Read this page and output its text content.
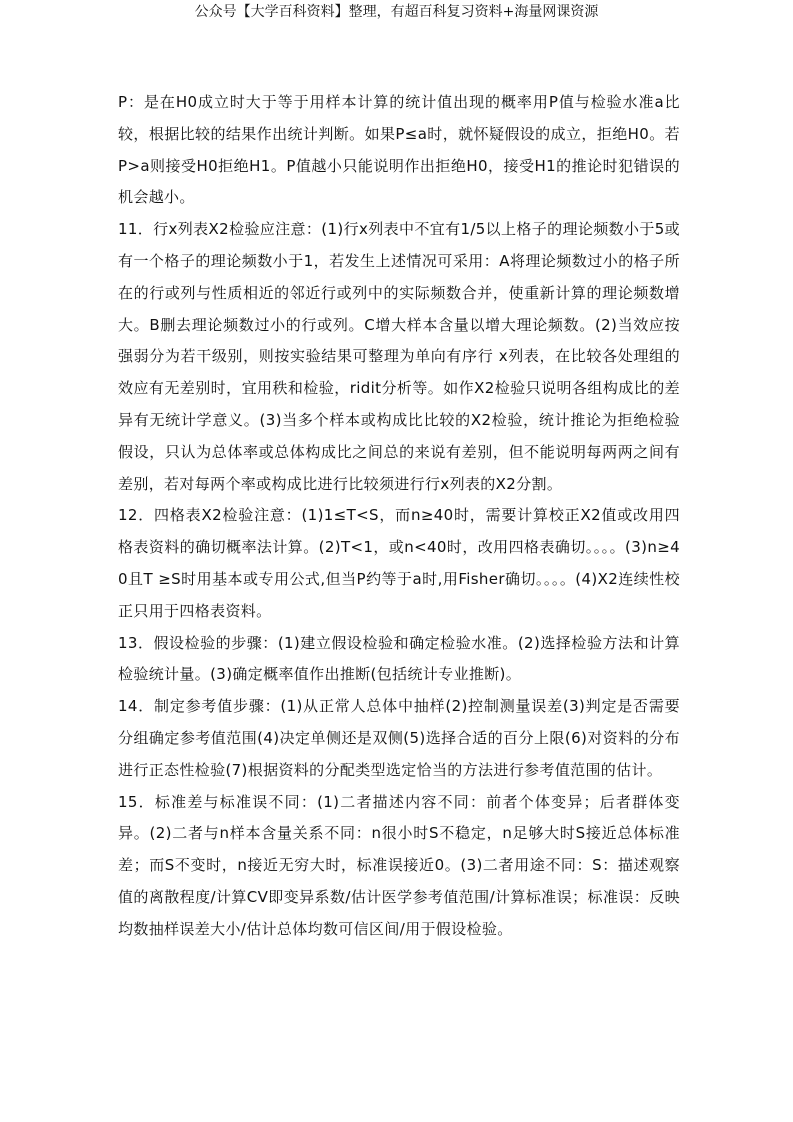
公众号【大学百科资料】整理，有超百科复习资料+海量网课资源

P：是在H0成立时大于等于用样本计算的统计值出现的概率用P值与检验水准a比较，根据比较的结果作出统计判断。如果P≤a时，就怀疑假设的成立，拒绝H0。若P>a则接受H0拒绝H1。P值越小只能说明作出拒绝H0，接受H1的推论时犯错误的机会越小。

11．行x列表X2检验应注意：(1)行x列表中不宜有1/5以上格子的理论频数小于5或有一个格子的理论频数小于1，若发生上述情况可采用：A将理论频数过小的格子所在的行或列与性质相近的邻近行或列中的实际频数合并，使重新计算的理论频数增大。B删去理论频数过小的行或列。C增大样本含量以增大理论频数。(2)当效应按强弱分为若干级别，则按实验结果可整理为单向有序行 x列表，在比较各处理组的效应有无差别时，宜用秩和检验，ridit分析等。如作X2检验只说明各组构成比的差异有无统计学意义。(3)当多个样本或构成比比较的X2检验，统计推论为拒绝检验假设，只认为总体率或总体构成比之间总的来说有差别，但不能说明每两两之间有差别，若对每两个率或构成比进行比较须进行行x列表的X2分割。

12．四格表X2检验注意：(1)1≤T<S，而n≥40时，需要计算校正X2值或改用四格表资料的确切概率法计算。(2)T<1，或n<40时，改用四格表确切。。。。(3)n≥40且T ≥S时用基本或专用公式,但当P约等于a时,用Fisher确切。。。。(4)X2连续性校正只用于四格表资料。

13．假设检验的步骤：(1)建立假设检验和确定检验水准。(2)选择检验方法和计算检验统计量。(3)确定概率值作出推断(包括统计专业推断)。

14．制定参考值步骤：(1)从正常人总体中抽样(2)控制测量误差(3)判定是否需要分组确定参考值范围(4)决定单侧还是双侧(5)选择合适的百分上限(6)对资料的分布进行正态性检验(7)根据资料的分配类型选定恰当的方法进行参考值范围的估计。

15．标准差与标准误不同：(1)二者描述内容不同：前者个体变异；后者群体变异。(2)二者与n样本含量关系不同：n很小时S不稳定，n足够大时S接近总体标准差；而S不变时，n接近无穷大时，标准误接近0。(3)二者用途不同：S：描述观察值的离散程度/计算CV即变异系数/估计医学参考值范围/计算标准误；标准误：反映均数抽样误差大小/估计总体均数可信区间/用于假设检验。
